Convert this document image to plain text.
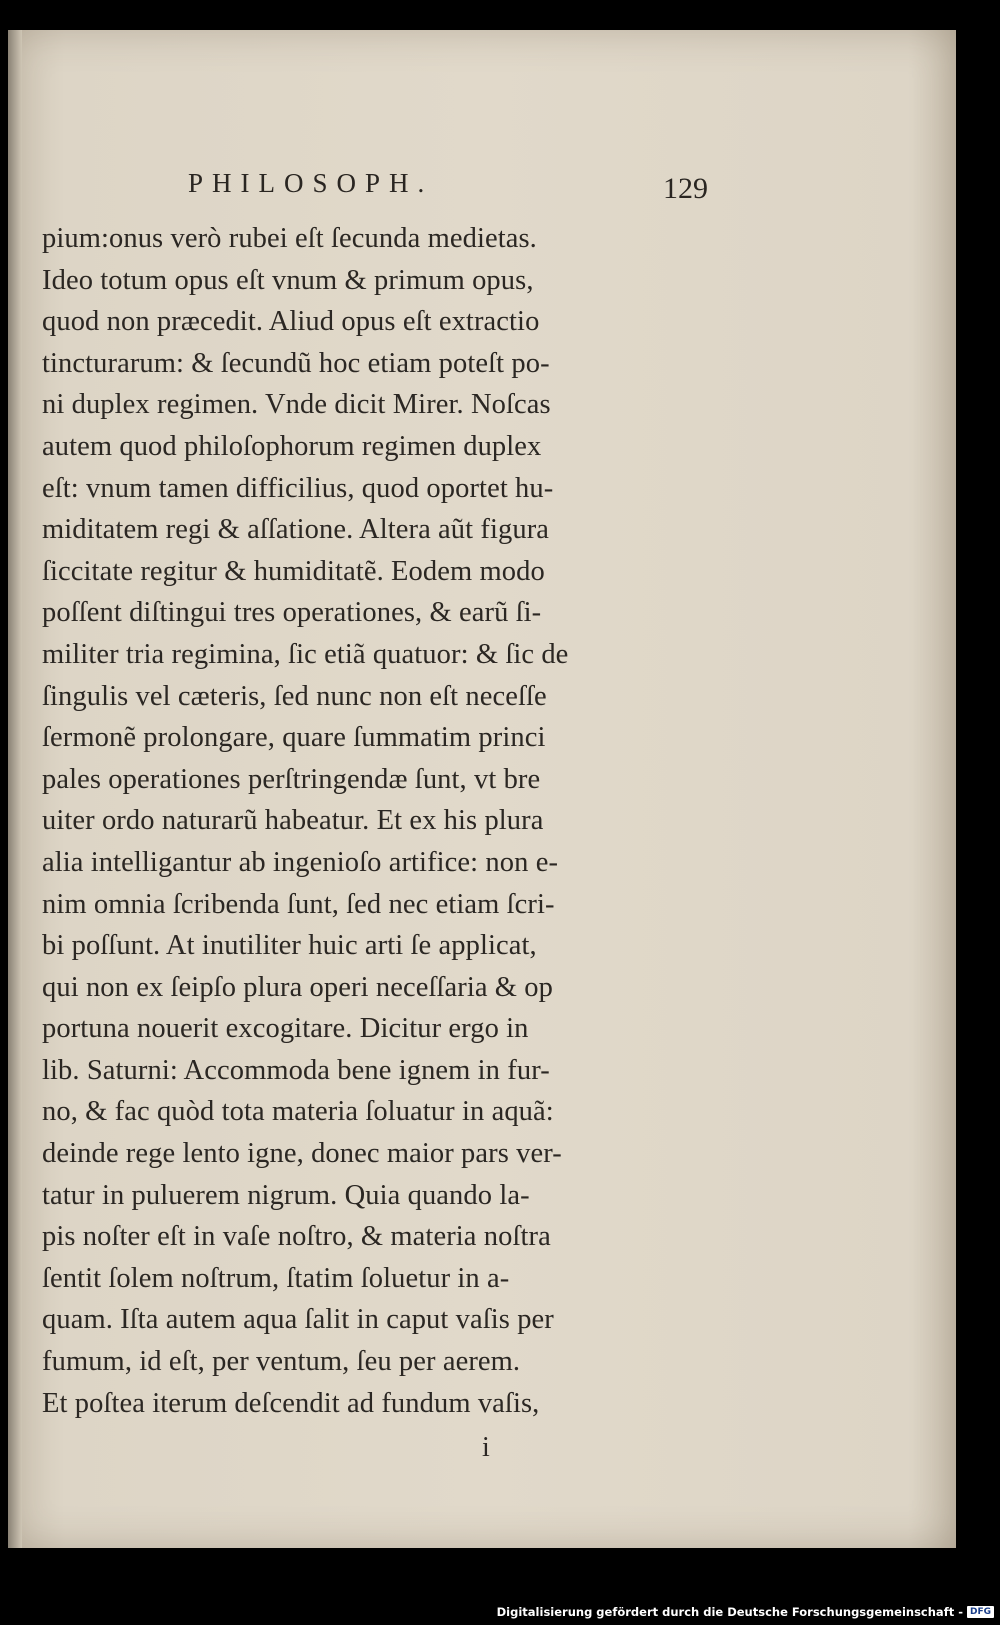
PHILOSOPH.	129
pium:onus verò rubei eſt ſecunda medietas.
Ideo totum opus eſt vnum & primum opus,
quod non præcedit. Aliud opus eſt extractio
tincturarum: & ſecundũ hoc etiam poteſt po-
ni duplex regimen. Vnde dicit Mirer. Noſcas
autem quod philoſophorum regimen duplex
eſt: vnum tamen difficilius, quod oportet hu-
miditatem regi & aſſatione. Altera aũt figura
ſiccitate regitur & humiditatẽ. Eodem modo
poſſent diſtingui tres operationes, & earũ ſi-
militer tria regimina, ſic etiã quatuor: & ſic de
ſingulis vel cæteris, ſed nunc non eſt neceſſe
ſermonẽ prolongare, quare ſummatim princi
pales operationes perſtringendæ ſunt, vt bre
uiter ordo naturarũ habeatur. Et ex his plura
alia intelligantur ab ingenioſo artifice: non e-
nim omnia ſcribenda ſunt, ſed nec etiam ſcri-
bi poſſunt. At inutiliter huic arti ſe applicat,
qui non ex ſeipſo plura operi neceſſaria & op
portuna nouerit excogitare. Dicitur ergo in
lib. Saturni: Accommoda bene ignem in fur-
no, & fac quòd tota materia ſoluatur in aquã:
deinde rege lento igne, donec maior pars ver-
tatur in puluerem nigrum. Quia quando la-
pis noſter eſt in vaſe noſtro, & materia noſtra
ſentit ſolem noſtrum, ſtatim ſoluetur in a-
quam. Iſta autem aqua ſalit in caput vaſis per
fumum, id eſt, per ventum, ſeu per aerem.
Et poſtea iterum deſcendit ad fundum vaſis,
i
Digitalisierung gefördert durch die Deutsche Forschungsgemeinschaft - DFG
